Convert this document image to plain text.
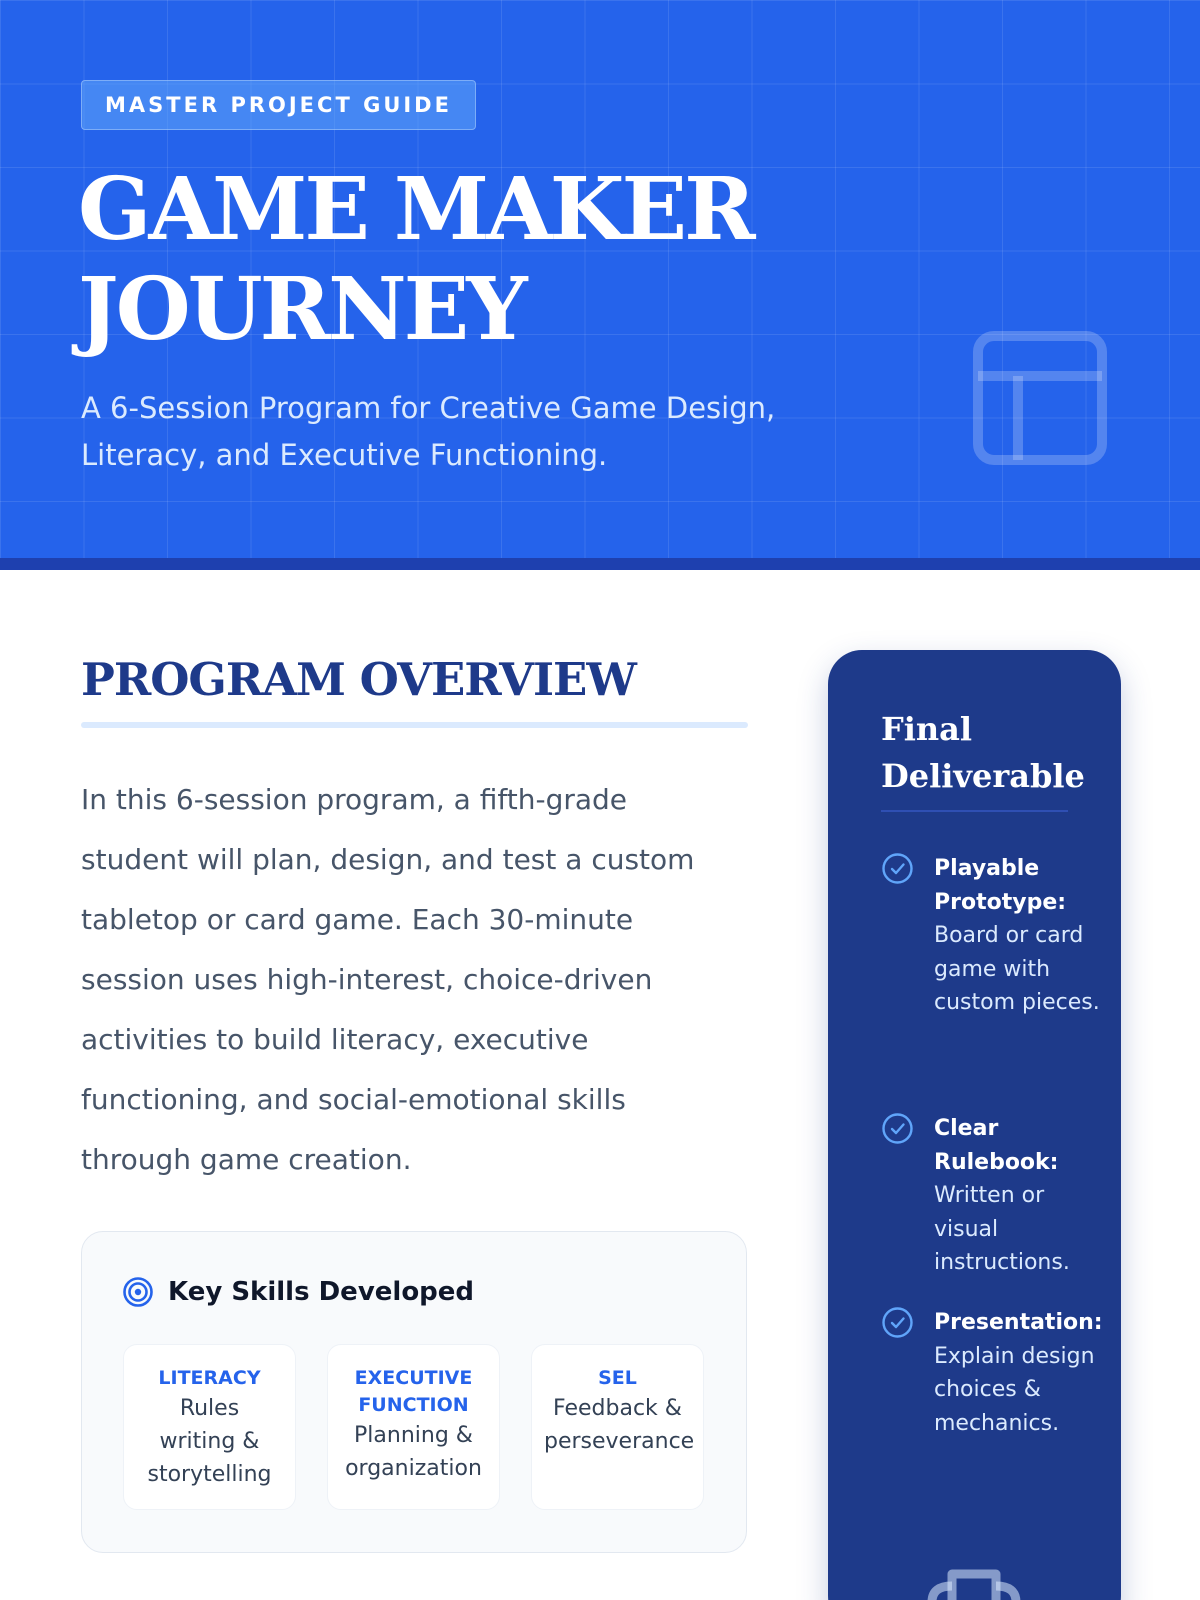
MASTER PROJECT GUIDE
GAME MAKER
JOURNEY

A 6-Session Program for Creative Game Design, Literacy, and Executive Functioning.

PROGRAM OVERVIEW

In this 6-session program, a fifth-grade student will plan, design, and test a custom tabletop or card game. Each 30-minute session uses high-interest, choice-driven activities to build literacy, executive functioning, and social-emotional skills through game creation.

Key Skills Developed
LITERACY
Rules writing & storytelling
EXECUTIVE FUNCTION
Planning & organization
SEL
Feedback & perseverance
Final Deliverable
Playable Prototype: Board or card game with custom pieces.
Clear Rulebook: Written or visual instructions.
Presentation: Explain design choices & mechanics.
